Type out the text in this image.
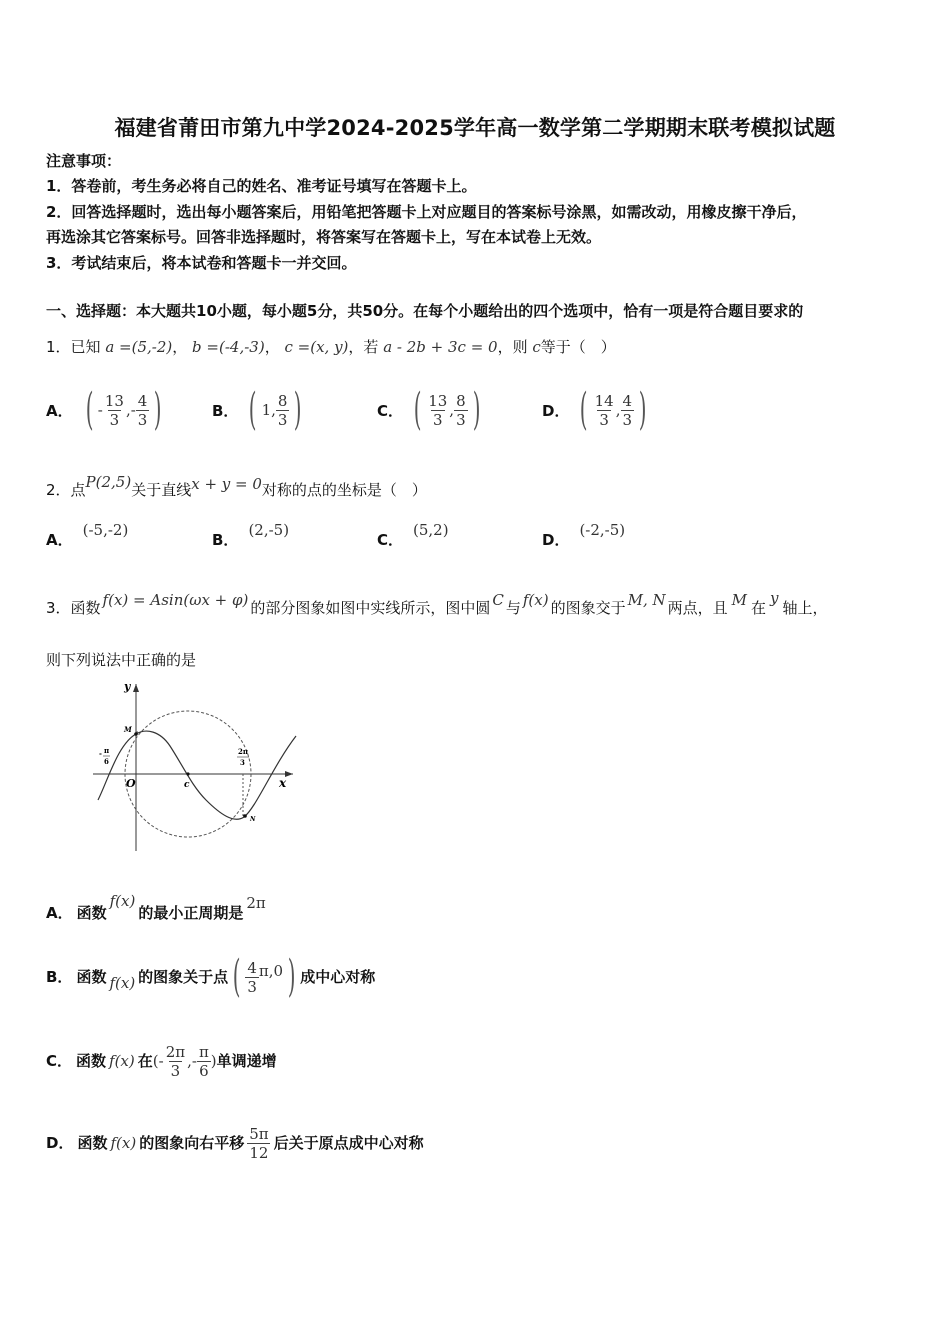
福建省莆田市第九中学2024-2025学年高一数学第二学期期末联考模拟试题
注意事项：
1．答卷前，考生务必将自己的姓名、准考证号填写在答题卡上。
2．回答选择题时，选出每小题答案后，用铅笔把答题卡上对应题目的答案标号涂黑，如需改动，用橡皮擦干净后，
再选涂其它答案标号。回答非选择题时，将答案写在答题卡上，写在本试卷上无效。
3．考试结束后，将本试卷和答题卡一并交回。
一、选择题：本大题共10小题，每小题5分，共50分。在每个小题给出的四个选项中，恰有一项是符合题目要求的
1．已知 a =(5,-2)， b =(-4,-3)， c =(x, y)，若 a - 2b + 3c = 0，则 c等于（　）
A． ( - $\frac{13}{3}$ ,- $\frac{4}{3}$ )	B． ( 1, $\frac{8}{3}$ )	C． ( $\frac{13}{3}$ , $\frac{8}{3}$ )	D． ( $\frac{14}{3}$ , $\frac{4}{3}$ )
2．点P(2,5)关于直线x + y = 0对称的点的坐标是（　）
A．(-5,-2)
B．(2,-5)
C．(5,2)
D．(-2,-5)
3．函数 f(x) = Asin(ωx + φ) 的部分图象如图中实线所示，图中圆 C 与 f(x) 的图象交于 M, N 两点，且 M 在y轴上，
则下列说法中正确的是
y
x
O
M
N
c
- π
6
2π
3
A． 函数f(x)的最小正周期是2π
B． 函数 f(x) 的图象关于点 ( $\frac{4}{3} \pi,0$ ) 成中心对称
C． 函数 f(x) 在 (- $\frac{2\pi}{3}$ ,- $\frac{\pi}{6}$ ) 单调递增
D． 函数 f(x) 的图象向右平移 $\frac{5\pi}{12}$ 后关于原点成中心对称
